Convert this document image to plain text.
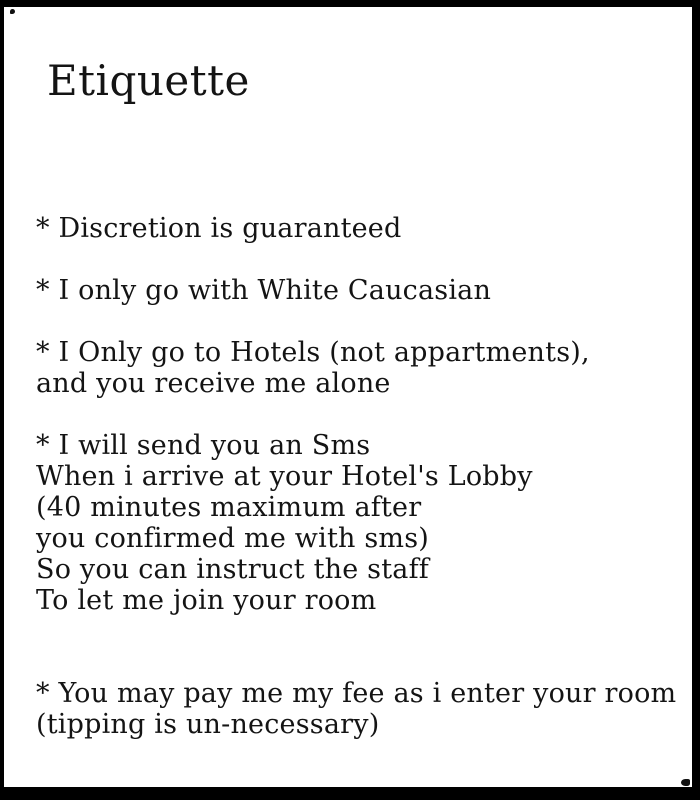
Etiquette
* Discretion is guaranteed
* I only go with White Caucasian
* I Only go to Hotels (not appartments),
and you receive me alone
* I will send you an Sms
When i arrive at your Hotel's Lobby
(40 minutes maximum after
you confirmed me with sms)
So you can instruct the staff
To let me join your room
* You may pay me my fee as i enter your room
(tipping is un-necessary)
